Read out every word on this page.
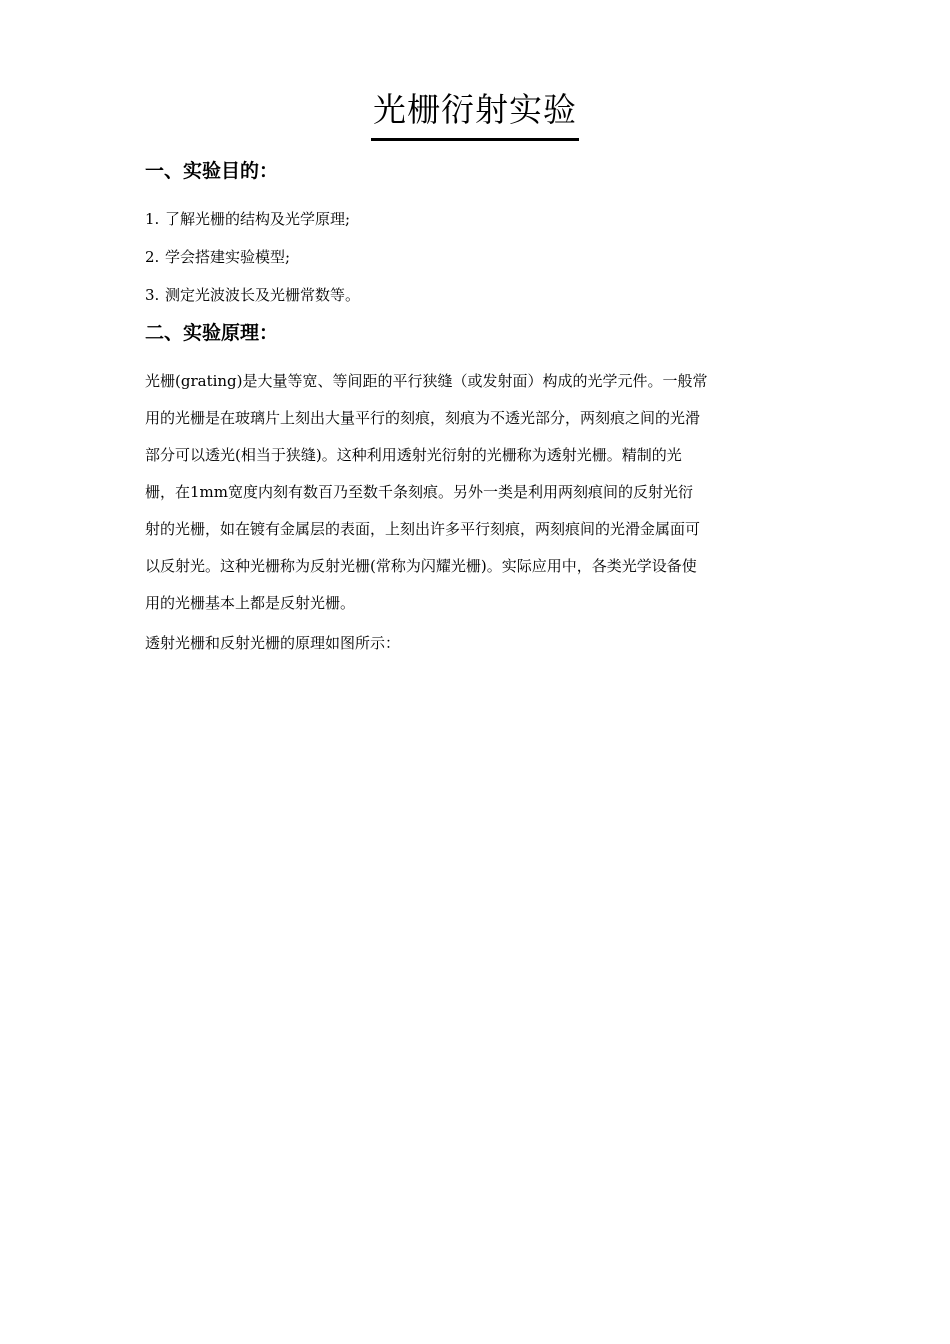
光栅衍射实验
一、实验目的：
1. 了解光栅的结构及光学原理;
2. 学会搭建实验模型;
3. 测定光波波长及光栅常数等。
二、实验原理：

光栅(grating)是大量等宽、等间距的平行狭缝（或发射面）构成的光学元件。一般常
用的光栅是在玻璃片上刻出大量平行的刻痕，刻痕为不透光部分，两刻痕之间的光滑
部分可以透光(相当于狭缝)。这种利用透射光衍射的光栅称为透射光栅。精制的光
栅，在1mm宽度内刻有数百乃至数千条刻痕。另外一类是利用两刻痕间的反射光衍
射的光栅，如在镀有金属层的表面，上刻出许多平行刻痕，两刻痕间的光滑金属面可
以反射光。这种光栅称为反射光栅(常称为闪耀光栅)。实际应用中，各类光学设备使
用的光栅基本上都是反射光栅。

透射光栅和反射光栅的原理如图所示：
